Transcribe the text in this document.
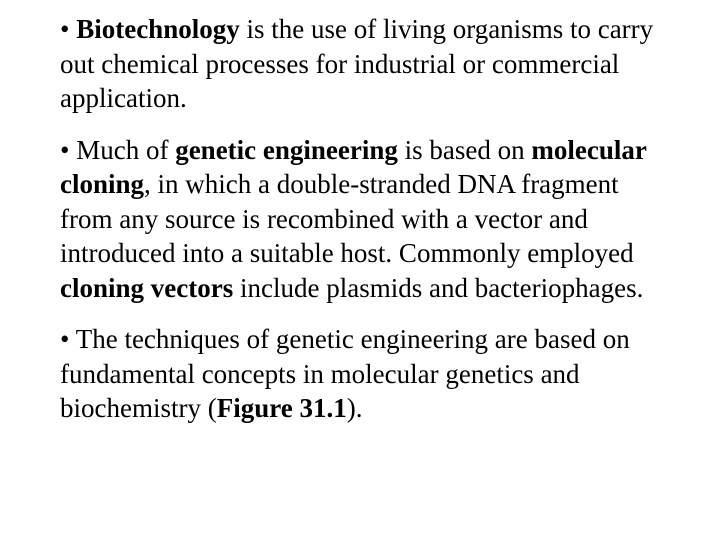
• Biotechnology is the use of living organisms to carry out chemical processes for industrial or commercial application.

• Much of genetic engineering is based on molecular cloning, in which a double-stranded DNA fragment from any source is recombined with a vector and introduced into a suitable host. Commonly employed cloning vectors include plasmids and bacteriophages.

• The techniques of genetic engineering are based on fundamental concepts in molecular genetics and biochemistry (Figure 31.1).
